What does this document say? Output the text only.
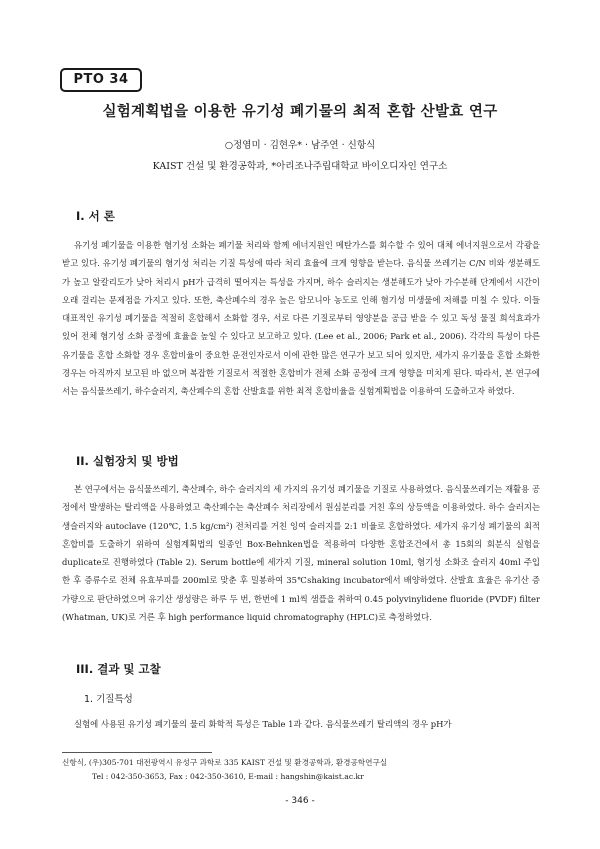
PTO 34
실험계획법을 이용한 유기성 폐기물의 최적 혼합 산발효 연구
○정염미 · 김현우* · 남주연 · 신항식
KAIST 건설 및 환경공학과, *아리조나주립대학교 바이오디자인 연구소
I. 서 론
유기성 폐기물을 이용한 혐기성 소화는 폐기물 처리와 함께 에너지원인 메탄가스를 회수할 수 있어 대체 에너지원으로서 각광을 받고 있다. 유기성 폐기물의 혐기성 처리는 기질 특성에 따라 처리 효율에 크게 영향을 받는다. 음식물 쓰레기는 C/N 비와 생분해도가 높고 알칼리도가 낮아 처리시 pH가 급격히 떨어지는 특성을 가지며, 하수 슬러지는 생분해도가 낮아 가수분해 단계에서 시간이 오래 걸리는 문제점을 가지고 있다. 또한, 축산폐수의 경우 높은 암모니아 농도로 인해 혐기성 미생물에 저해를 미칠 수 있다. 이들 대표적인 유기성 폐기물을 적절히 혼합해서 소화할 경우, 서로 다른 기질로부터 영양분을 공급 받을 수 있고 독성 물질 희석효과가 있어 전체 혐기성 소화 공정에 효율을 높일 수 있다고 보고하고 있다. (Lee et al., 2006; Park et al., 2006). 각각의 특성이 다른 유기물을 혼합 소화할 경우 혼합비율이 중요한 운전인자로서 이에 관한 많은 연구가 보고 되어 있지만, 세가지 유기물을 혼합 소화한 경우는 아직까지 보고된 바 없으며 복잡한 기질로서 적절한 혼합비가 전체 소화 공정에 크게 영향을 미치게 된다. 따라서, 본 연구에서는 음식물쓰레기, 하수슬러지, 축산폐수의 혼합 산발효를 위한 최적 혼합비율을 실험계획법을 이용하여 도출하고자 하였다.
II. 실험장치 및 방법
본 연구에서는 음식물쓰레기, 축산폐수, 하수 슬러지의 세 가지의 유기성 폐기물을 기질로 사용하였다. 음식물쓰레기는 재활용 공정에서 발생하는 탈리액을 사용하였고 축산폐수는 축산폐수 처리장에서 원심분리를 거친 후의 상등액을 이용하였다. 하수 슬러지는 생슬러지와 autoclave (120℃, 1.5 kg/cm²) 전처리를 거친 잉여 슬러지를 2:1 비율로 혼합하였다. 세가지 유기성 폐기물의 최적 혼합비를 도출하기 위하여 실험계획법의 일종인 Box-Behnken법을 적용하여 다양한 혼합조건에서 총 15회의 회분식 실험을 duplicate로 진행하였다 (Table 2). Serum bottle에 세가지 기질, mineral solution 10ml, 혐기성 소화조 슬러지 40ml 주입한 후 증류수로 전체 유효부피를 200ml로 맞춘 후 밀봉하여 35℃shaking incubator에서 배양하였다. 산발효 효율은 유기산 증가량으로 판단하였으며 유기산 생성량은 하루 두 번, 한번에 1 ml씩 샘플을 취하여 0.45 polyvinylidene fluoride (PVDF) filter (Whatman, UK)로 거른 후 high performance liquid chromatography (HPLC)로 측정하였다.
III. 결과 및 고찰
1. 기질특성
실험에 사용된 유기성 폐기물의 물리 화학적 특성은 Table 1과 같다. 음식물쓰레기 탈리액의 경우 pH가
신항식, (우)305-701 대전광역시 유성구 과학로 335 KAIST 건설 및 환경공학과, 환경공학연구실
Tel : 042-350-3653, Fax : 042-350-3610, E-mail : hangshin@kaist.ac.kr
- 346 -
